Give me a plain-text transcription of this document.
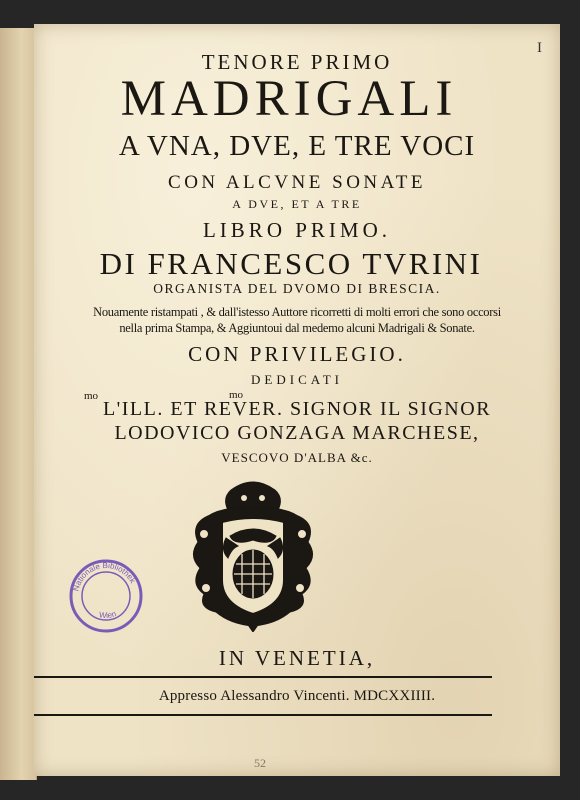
I
TENORE PRIMO
MADRIGALI
A VNA, DVE, E TRE VOCI
CON ALCVNE SONATE
A DVE, ET A TRE
LIBRO PRIMO.
DI FRANCESCO TVRINI
ORGANISTA DEL DVOMO DI BRESCIA.
Nouamente ristampati , & dall'istesso Auttore ricorretti di molti errori che sono occorsi
nella prima Stampa, & Aggiuntoui dal medemo alcuni Madrigali & Sonate.
CON PRIVILEGIO.
DEDICATI
mo	mo
L'ILL. ET REVER. SIGNOR IL SIGNOR
LODOVICO GONZAGA MARCHESE,
VESCOVO D'ALBA &c.
Nationale Bibliothek
Wien
IN VENETIA,
Appresso Alessandro Vincenti. MDCXXIIII.
52
